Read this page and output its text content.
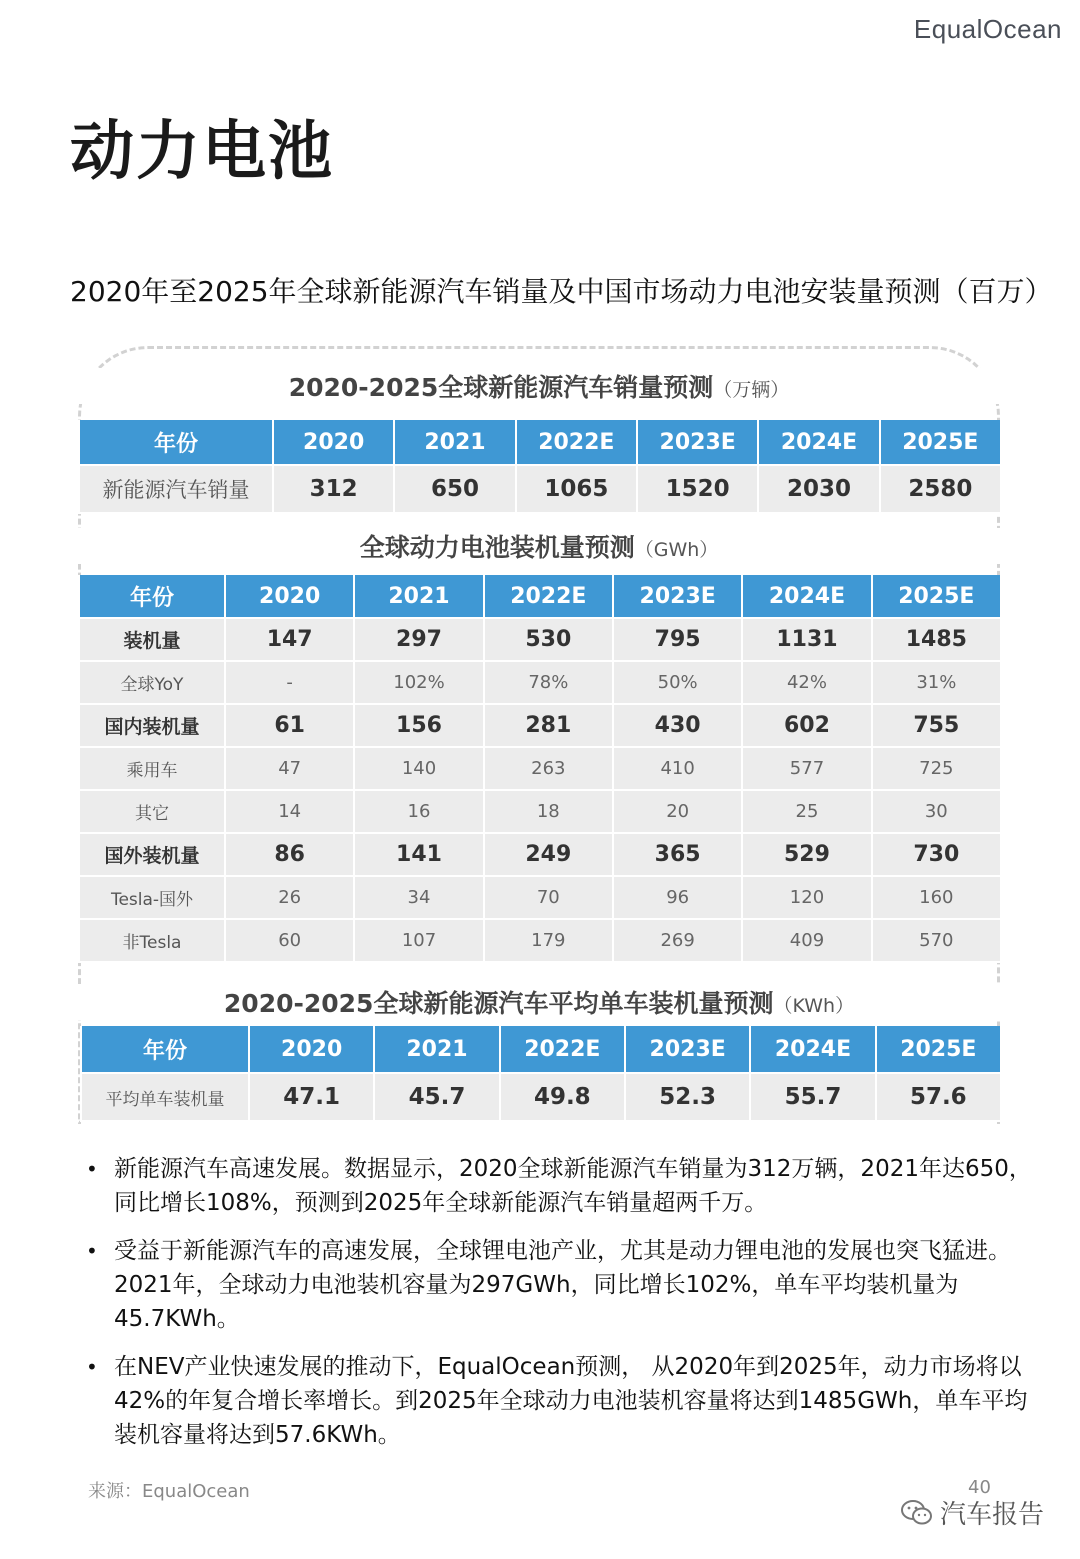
EqualOcean
动力电池
2020年至2025年全球新能源汽车销量及中国市场动力电池安装量预测（百万）
2020-2025全球新能源汽车销量预测（万辆）
年份	2020	2021	2022E	2023E	2024E	2025E
新能源汽车销量	312	650	1065	1520	2030	2580
全球动力电池装机量预测（GWh）
年份	2020	2021	2022E	2023E	2024E	2025E
装机量	147	297	530	795	1131	1485
全球YoY	-	102%	78%	50%	42%	31%
国内装机量	61	156	281	430	602	755
乘用车	47	140	263	410	577	725
其它	14	16	18	20	25	30
国外装机量	86	141	249	365	529	730
Tesla-国外	26	34	70	96	120	160
非Tesla	60	107	179	269	409	570
2020-2025全球新能源汽车平均单车装机量预测（KWh）
年份	2020	2021	2022E	2023E	2024E	2025E
平均单车装机量	47.1	45.7	49.8	52.3	55.7	57.6
• 新能源汽车高速发展。数据显示，2020全球新能源汽车销量为312万辆，2021年达650，同比增长108%，预测到2025年全球新能源汽车销量超两千万。
• 受益于新能源汽车的高速发展，全球锂电池产业，尤其是动力锂电池的发展也突飞猛进。2021年，全球动力电池装机容量为297GWh，同比增长102%，单车平均装机量为45.7KWh。
• 在NEV产业快速发展的推动下，EqualOcean预测， 从2020年到2025年，动力市场将以42%的年复合增长率增长。到2025年全球动力电池装机容量将达到1485GWh，单车平均装机容量将达到57.6KWh。
来源：EqualOcean	40
汽车报告
